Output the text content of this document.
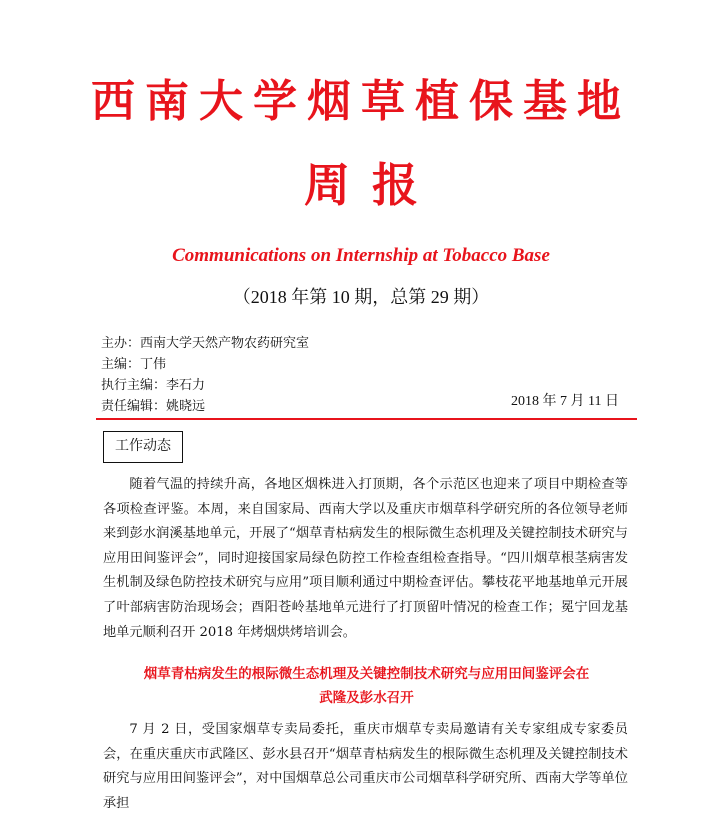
西南大学烟草植保基地
周报
Communications on Internship at Tobacco Base
（2018 年第 10 期，总第 29 期）
主办：西南大学天然产物农药研究室
主编：丁伟
执行主编：李石力
责任编辑：姚晓远	2018 年 7 月 11 日
工作动态

随着气温的持续升高，各地区烟株进入打顶期，各个示范区也迎来了项目中期检查等各项检查评鉴。本周，来自国家局、西南大学以及重庆市烟草科学研究所的各位领导老师来到彭水润溪基地单元，开展了“烟草青枯病发生的根际微生态机理及关键控制技术研究与应用田间鉴评会”，同时迎接国家局绿色防控工作检查组检查指导。“四川烟草根茎病害发生机制及绿色防控技术研究与应用”项目顺利通过中期检查评估。攀枝花平地基地单元开展了叶部病害防治现场会；酉阳苍岭基地单元进行了打顶留叶情况的检查工作；冕宁回龙基地单元顺利召开 2018 年烤烟烘烤培训会。

烟草青枯病发生的根际微生态机理及关键控制技术研究与应用田间鉴评会在
武隆及彭水召开

7 月 2 日，受国家烟草专卖局委托，重庆市烟草专卖局邀请有关专家组成专家委员会，在重庆重庆市武隆区、彭水县召开“烟草青枯病发生的根际微生态机理及关键控制技术研究与应用田间鉴评会”，对中国烟草总公司重庆市公司烟草科学研究所、西南大学等单位承担
